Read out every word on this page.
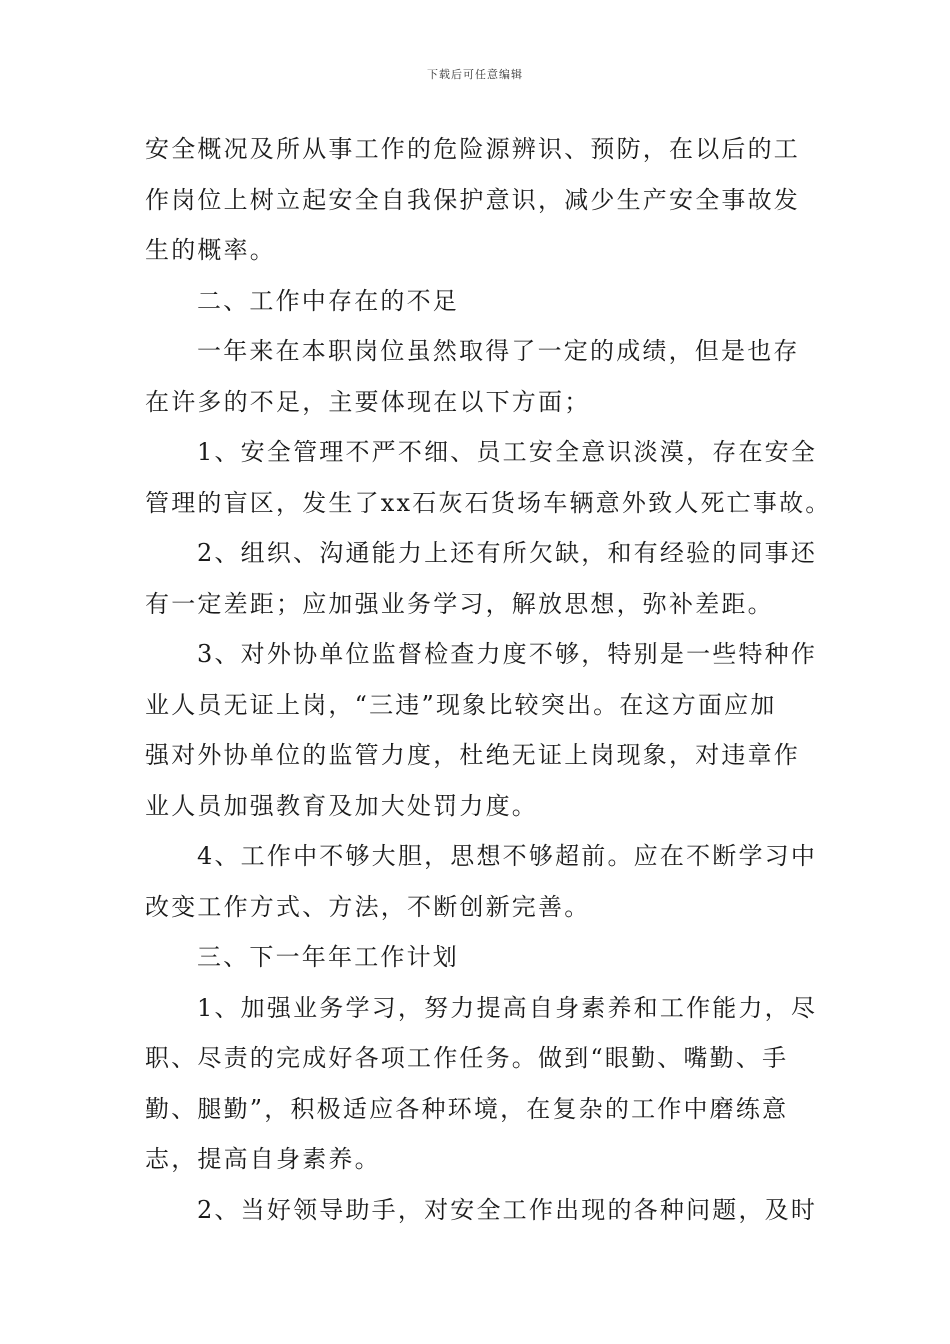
下载后可任意编辑
安全概况及所从事工作的危险源辨识、预防，在以后的工
作岗位上树立起安全自我保护意识，减少生产安全事故发
生的概率。
二、工作中存在的不足
一年来在本职岗位虽然取得了一定的成绩，但是也存
在许多的不足，主要体现在以下方面；
1、安全管理不严不细、员工安全意识淡漠，存在安全
管理的盲区，发生了xx石灰石货场车辆意外致人死亡事故。
2、组织、沟通能力上还有所欠缺，和有经验的同事还
有一定差距；应加强业务学习，解放思想，弥补差距。
3、对外协单位监督检查力度不够，特别是一些特种作
业人员无证上岗，“三违”现象比较突出。在这方面应加
强对外协单位的监管力度，杜绝无证上岗现象，对违章作
业人员加强教育及加大处罚力度。
4、工作中不够大胆，思想不够超前。应在不断学习中
改变工作方式、方法，不断创新完善。
三、下一年年工作计划
1、加强业务学习，努力提高自身素养和工作能力，尽
职、尽责的完成好各项工作任务。做到“眼勤、嘴勤、手
勤、腿勤”，积极适应各种环境，在复杂的工作中磨练意
志，提高自身素养。
2、当好领导助手，对安全工作出现的各种问题，及时
